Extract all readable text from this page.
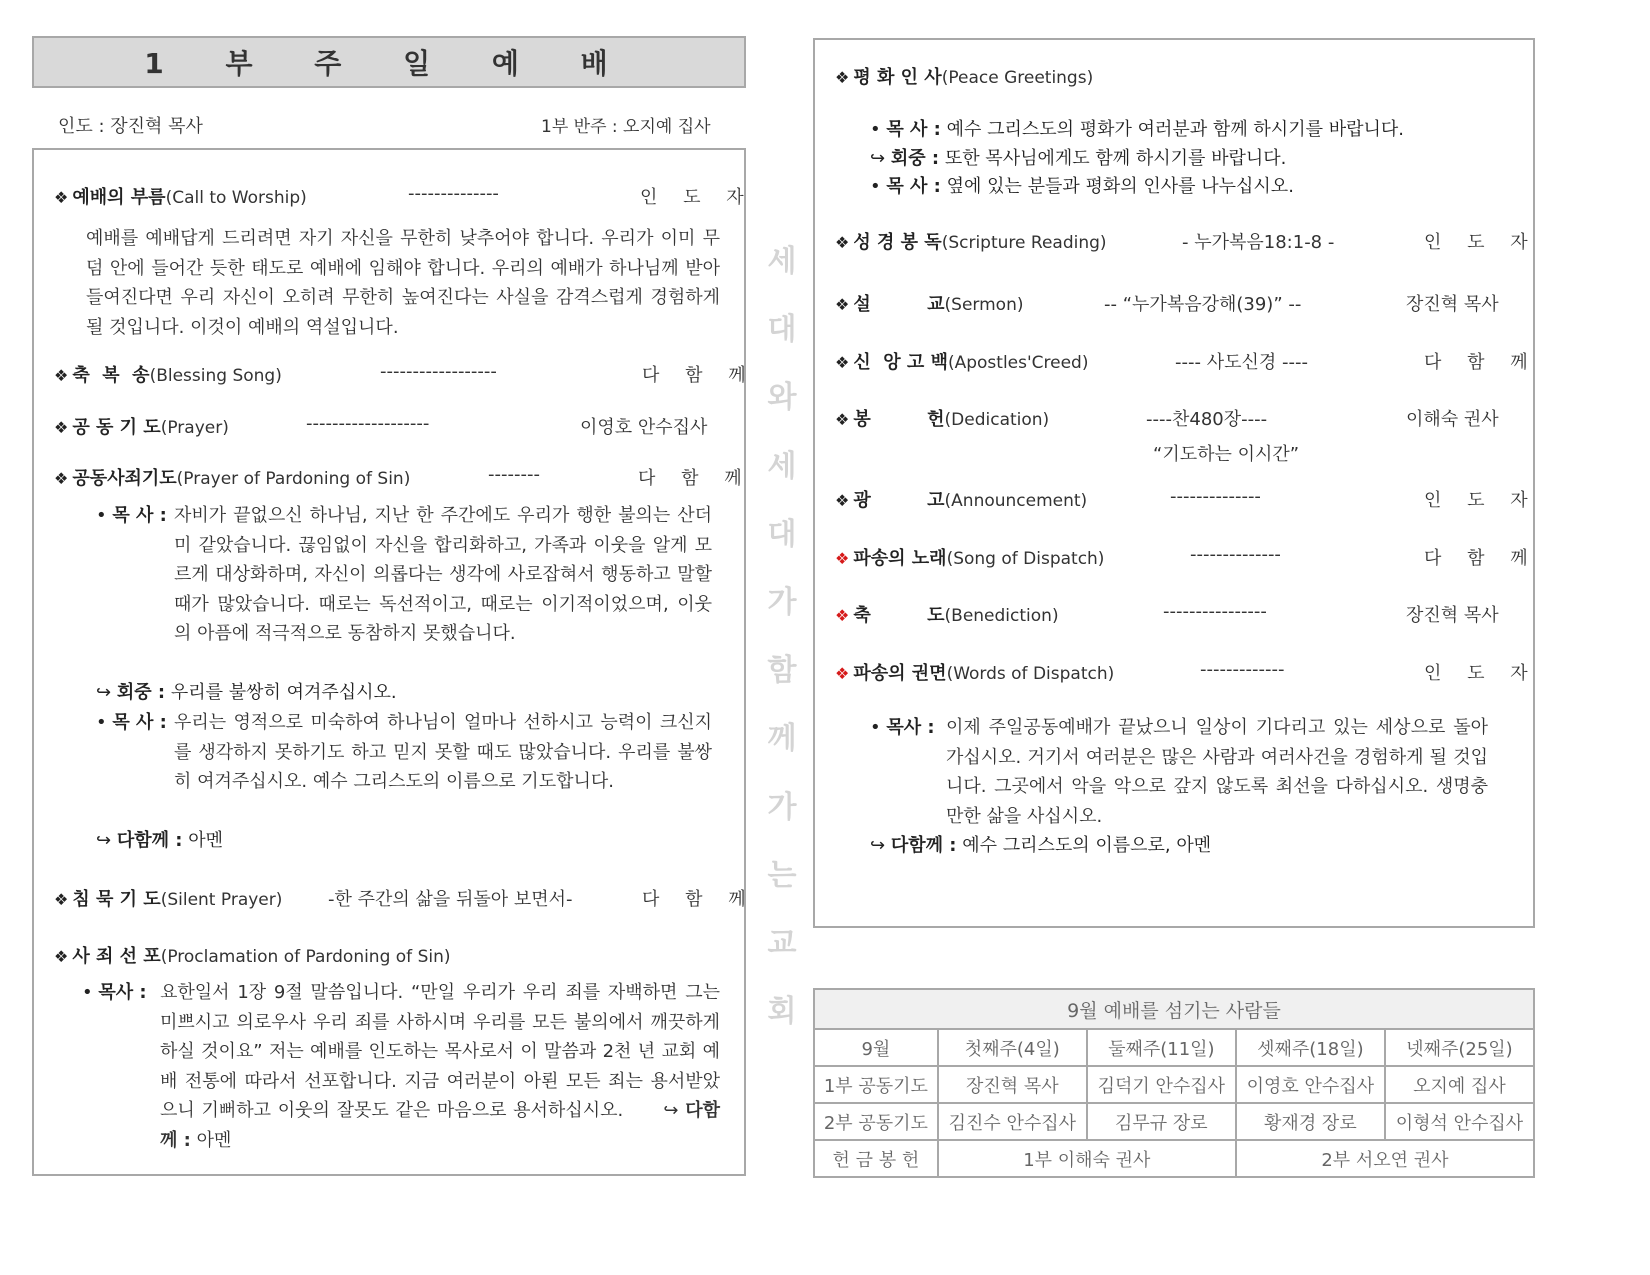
1 부 주 일 예 배
인도 : 장진혁 목사	1부 반주 : 오지예 집사
❖ 예배의 부름 (Call to Worship)	--------------	인 도 자
예배를 예배답게 드리려면 자기 자신을 무한히 낮추어야 합니다. 우리가 이미 무덤 안에 들어간 듯한 태도로 예배에 임해야 합니다. 우리의 예배가 하나님께 받아들여진다면 우리 자신이 오히려 무한히 높여진다는 사실을 감격스럽게 경험하게 될 것입니다. 이것이 예배의 역설입니다.
❖ 축  복  송 (Blessing Song)	------------------	다 함 께
❖ 공 동 기 도 (Prayer)	-------------------	이영호 안수집사
❖ 공동사죄기도 (Prayer of Pardoning of Sin)	--------	다 함 께
• 목 사 : 자비가 끝없으신 하나님, 지난 한 주간에도 우리가 행한 불의는 산더미 같았습니다. 끊임없이 자신을 합리화하고, 가족과 이웃을 알게 모르게 대상화하며, 자신이 의롭다는 생각에 사로잡혀서 행동하고 말할 때가 많았습니다. 때로는 독선적이고, 때로는 이기적이었으며, 이웃의 아픔에 적극적으로 동참하지 못했습니다.
↪ 회중 : 우리를 불쌍히 여겨주십시오.
• 목 사 : 우리는 영적으로 미숙하여 하나님이 얼마나 선하시고 능력이 크신지를 생각하지 못하기도 하고 믿지 못할 때도 많았습니다. 우리를 불쌍히 여겨주십시오. 예수 그리스도의 이름으로 기도합니다.
↪ 다함께 : 아멘
❖ 침 묵 기 도 (Silent Prayer)	-한 주간의 삶을 뒤돌아 보면서-	다 함 께
❖ 사 죄 선 포 (Proclamation of Pardoning of Sin)
• 목사 : 요한일서 1장 9절 말씀입니다. “만일 우리가 우리 죄를 자백하면 그는 미쁘시고 의로우사 우리 죄를 사하시며 우리를 모든 불의에서 깨끗하게 하실 것이요” 저는 예배를 인도하는 목사로서 이 말씀과 2천 년 교회 예배 전통에 따라서 선포합니다. 지금 여러분이 아뢴 모든 죄는 용서받았으니 기뻐하고 이웃의 잘못도 같은 마음으로 용서하십시오. ↪ 다함께 : 아멘
세
대
와
세
대
가
함
께
가
는
교
회
❖ 평 화 인 사 (Peace Greetings)
• 목 사 : 예수 그리스도의 평화가 여러분과 함께 하시기를 바랍니다.
↪ 회중 : 또한 목사님에게도 함께 하시기를 바랍니다.
• 목 사 : 옆에 있는 분들과 평화의 인사를 나누십시오.
❖ 성 경 봉 독 (Scripture Reading)	- 누가복음18:1-8 -	인 도 자
❖ 설         교 (Sermon)	-- “누가복음강해(39)” --	장진혁 목사
❖ 신  앙 고 백 (Apostles'Creed)	---- 사도신경 ----	다 함 께
❖ 봉         헌 (Dedication)	----찬480장----	이해숙 권사
“기도하는 이시간”
❖ 광         고 (Announcement)	--------------	인 도 자
❖ 파송의 노래 (Song of Dispatch)	--------------	다 함 께
❖ 축         도 (Benediction)	----------------	장진혁 목사
❖ 파송의 권면 (Words of Dispatch)	-------------	인 도 자
• 목사 : 이제 주일공동예배가 끝났으니 일상이 기다리고 있는 세상으로 돌아가십시오. 거기서 여러분은 많은 사람과 여러사건을 경험하게 될 것입니다. 그곳에서 악을 악으로 갚지 않도록 최선을 다하십시오. 생명충만한 삶을 사십시오.
↪ 다함께 : 예수 그리스도의 이름으로, 아멘
9월 예배를 섬기는 사람들				
9월	첫째주(4일)	둘째주(11일)	셋째주(18일)	넷째주(25일)
1부 공동기도	장진혁 목사	김덕기 안수집사	이영호 안수집사	오지예 집사
2부 공동기도	김진수 안수집사	김무규 장로	황재경 장로	이형석 안수집사
헌 금 봉 헌	1부 이해숙 권사		2부 서오연 권사	
